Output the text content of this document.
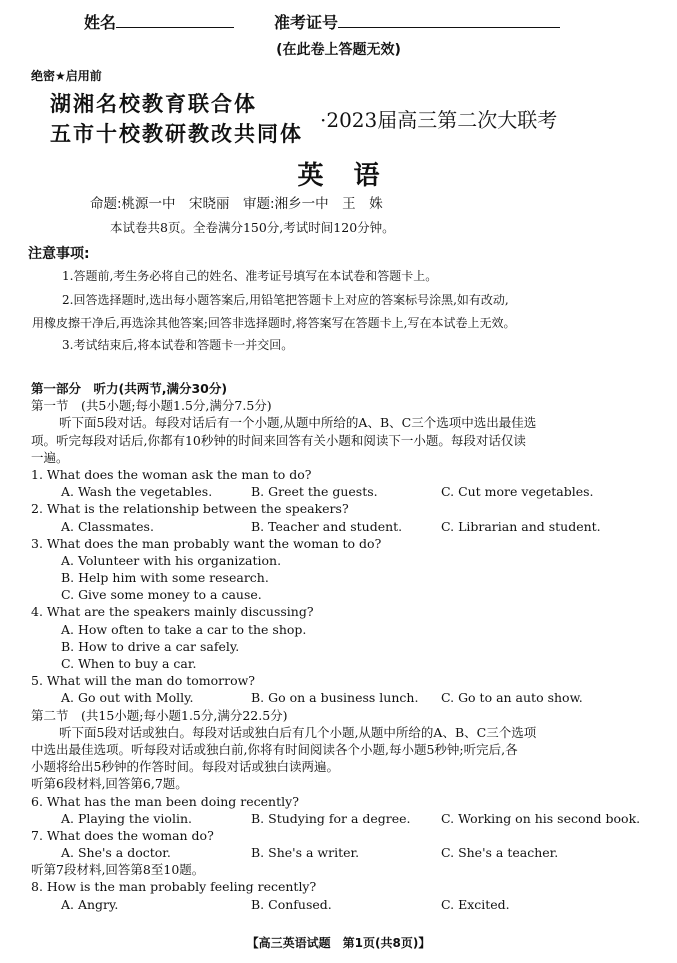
姓名	准考证号
(在此卷上答题无效)
绝密★启用前
湖湘名校教育联合体
五市十校教研教改共同体
·2023届高三第二次大联考
英语
命题:桃源一中　宋晓丽　审题:湘乡一中　王　姝
本试卷共8页。全卷满分150分,考试时间120分钟。
注意事项:
1.答题前,考生务必将自己的姓名、准考证号填写在本试卷和答题卡上。
2.回答选择题时,选出每小题答案后,用铅笔把答题卡上对应的答案标号涂黑,如有改动,
用橡皮擦干净后,再选涂其他答案;回答非选择题时,将答案写在答题卡上,写在本试卷上无效。
3.考试结束后,将本试卷和答题卡一并交回。
第一部分　听力(共两节,满分30分)
第一节　(共5小题;每小题1.5分,满分7.5分)
听下面5段对话。每段对话后有一个小题,从题中所给的A、B、C三个选项中选出最佳选
项。听完每段对话后,你都有10秒钟的时间来回答有关小题和阅读下一小题。每段对话仅读
一遍。
1. What does the woman ask the man to do?
A. Wash the vegetables.	B. Greet the guests.	C. Cut more vegetables.
2. What is the relationship between the speakers?
A. Classmates.	B. Teacher and student.	C. Librarian and student.
3. What does the man probably want the woman to do?
A. Volunteer with his organization.
B. Help him with some research.
C. Give some money to a cause.
4. What are the speakers mainly discussing?
A. How often to take a car to the shop.
B. How to drive a car safely.
C. When to buy a car.
5. What will the man do tomorrow?
A. Go out with Molly.	B. Go on a business lunch. C. Go to an auto show.
第二节　(共15小题;每小题1.5分,满分22.5分)
听下面5段对话或独白。每段对话或独白后有几个小题,从题中所给的A、B、C三个选项
中选出最佳选项。听每段对话或独白前,你将有时间阅读各个小题,每小题5秒钟;听完后,各
小题将给出5秒钟的作答时间。每段对话或独白读两遍。
听第6段材料,回答第6,7题。
6. What has the man been doing recently?
A. Playing the violin.	B. Studying for a degree. C. Working on his second book.
7. What does the woman do?
A. She's a doctor.	B. She's a writer.	C. She's a teacher.
听第7段材料,回答第8至10题。
8. How is the man probably feeling recently?
A. Angry.	B. Confused.	C. Excited.
【高三英语试题　第1页(共8页)】
